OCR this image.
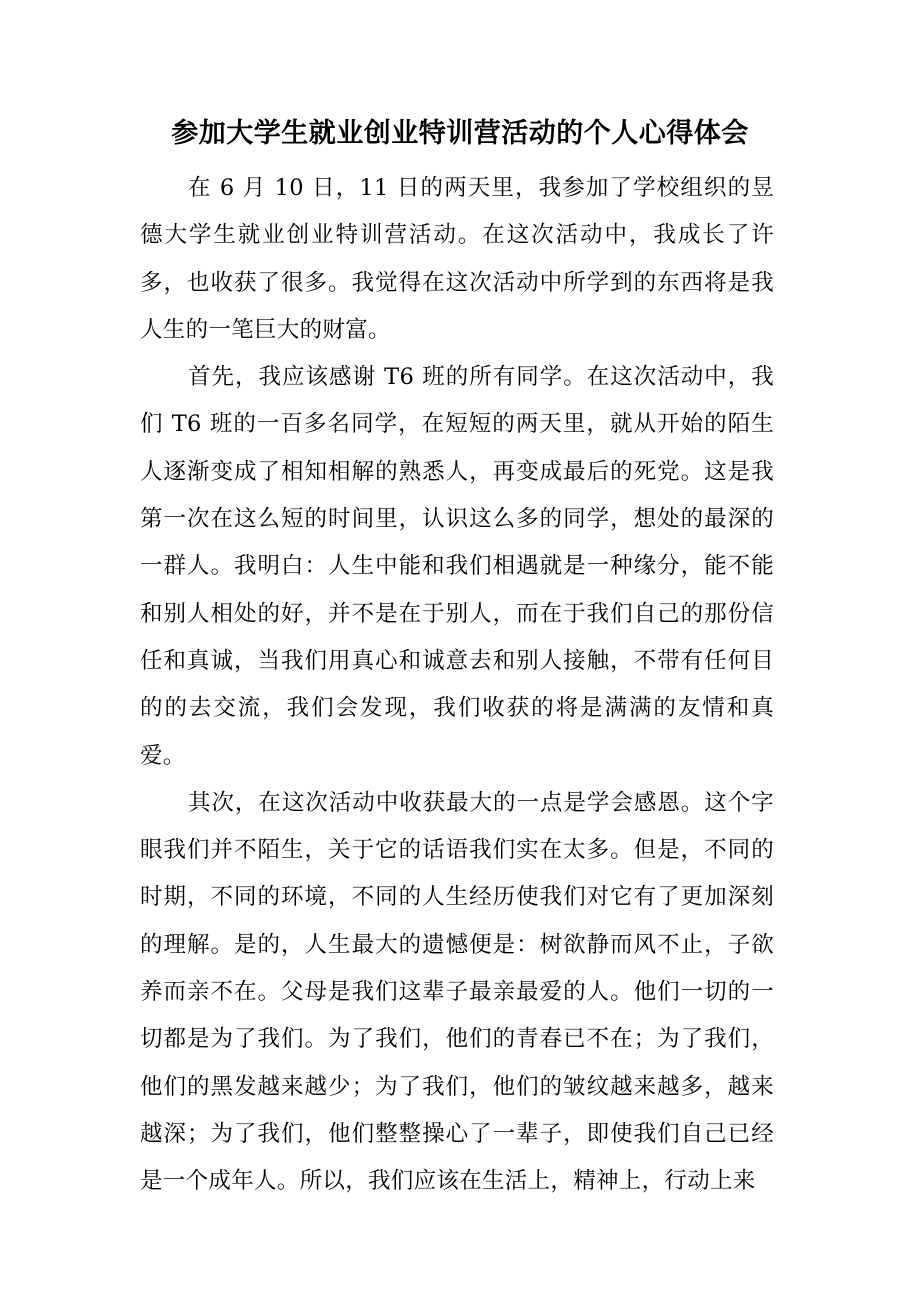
参加大学生就业创业特训营活动的个人心得体会

在 6 月 10 日，11 日的两天里，我参加了学校组织的昱德大学生就业创业特训营活动。在这次活动中，我成长了许多，也收获了很多。我觉得在这次活动中所学到的东西将是我人生的一笔巨大的财富。

首先，我应该感谢 T6 班的所有同学。在这次活动中，我们 T6 班的一百多名同学，在短短的两天里，就从开始的陌生人逐渐变成了相知相解的熟悉人，再变成最后的死党。这是我第一次在这么短的时间里，认识这么多的同学，想处的最深的一群人。我明白：人生中能和我们相遇就是一种缘分，能不能和别人相处的好，并不是在于别人，而在于我们自己的那份信任和真诚，当我们用真心和诚意去和别人接触，不带有任何目的的去交流，我们会发现，我们收获的将是满满的友情和真爱。

其次，在这次活动中收获最大的一点是学会感恩。这个字眼我们并不陌生，关于它的话语我们实在太多。但是，不同的时期，不同的环境，不同的人生经历使我们对它有了更加深刻的理解。是的，人生最大的遗憾便是：树欲静而风不止，子欲养而亲不在。父母是我们这辈子最亲最爱的人。他们一切的一切都是为了我们。为了我们，他们的青春已不在；为了我们，他们的黑发越来越少；为了我们，他们的皱纹越来越多，越来越深；为了我们，他们整整操心了一辈子，即使我们自己已经是一个成年人。所以，我们应该在生活上，精神上，行动上来
